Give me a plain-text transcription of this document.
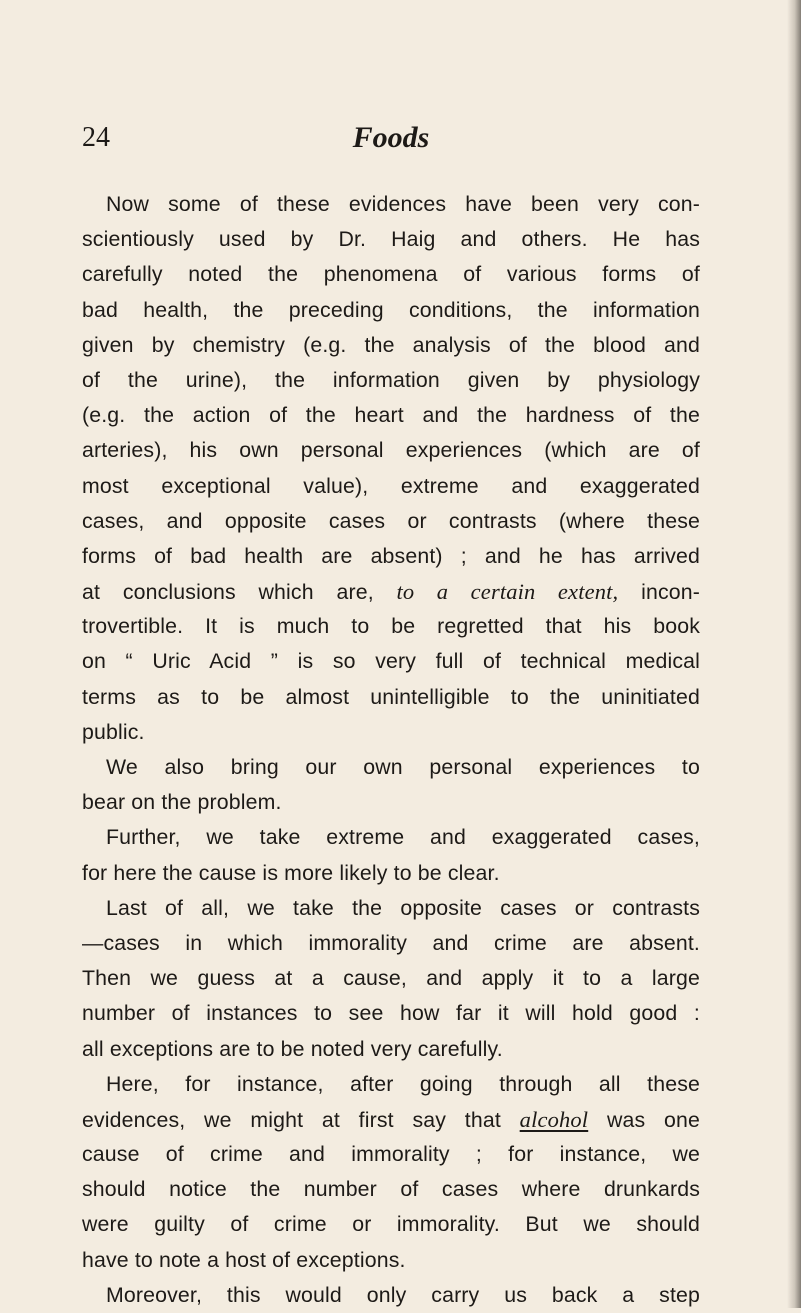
24	Foods
Now some of these evidences have been very con-
scientiously used by Dr. Haig and others. He has
carefully noted the phenomena of various forms of
bad health, the preceding conditions, the information
given by chemistry (e.g. the analysis of the blood and
of the urine), the information given by physiology
(e.g. the action of the heart and the hardness of the
arteries), his own personal experiences (which are of
most exceptional value), extreme and exaggerated
cases, and opposite cases or contrasts (where these
forms of bad health are absent) ; and he has arrived
at conclusions which are, to a certain extent, incon-
trovertible. It is much to be regretted that his book
on “ Uric Acid ” is so very full of technical medical
terms as to be almost unintelligible to the uninitiated
public.
We also bring our own personal experiences to
bear on the problem.
Further, we take extreme and exaggerated cases,
for here the cause is more likely to be clear.
Last of all, we take the opposite cases or contrasts
—cases in which immorality and crime are absent.
Then we guess at a cause, and apply it to a large
number of instances to see how far it will hold good :
all exceptions are to be noted very carefully.
Here, for instance, after going through all these
evidences, we might at first say that alcohol was one
cause of crime and immorality ; for instance, we
should notice the number of cases where drunkards
were guilty of crime or immorality. But we should
have to note a host of exceptions.
Moreover, this would only carry us back a step
